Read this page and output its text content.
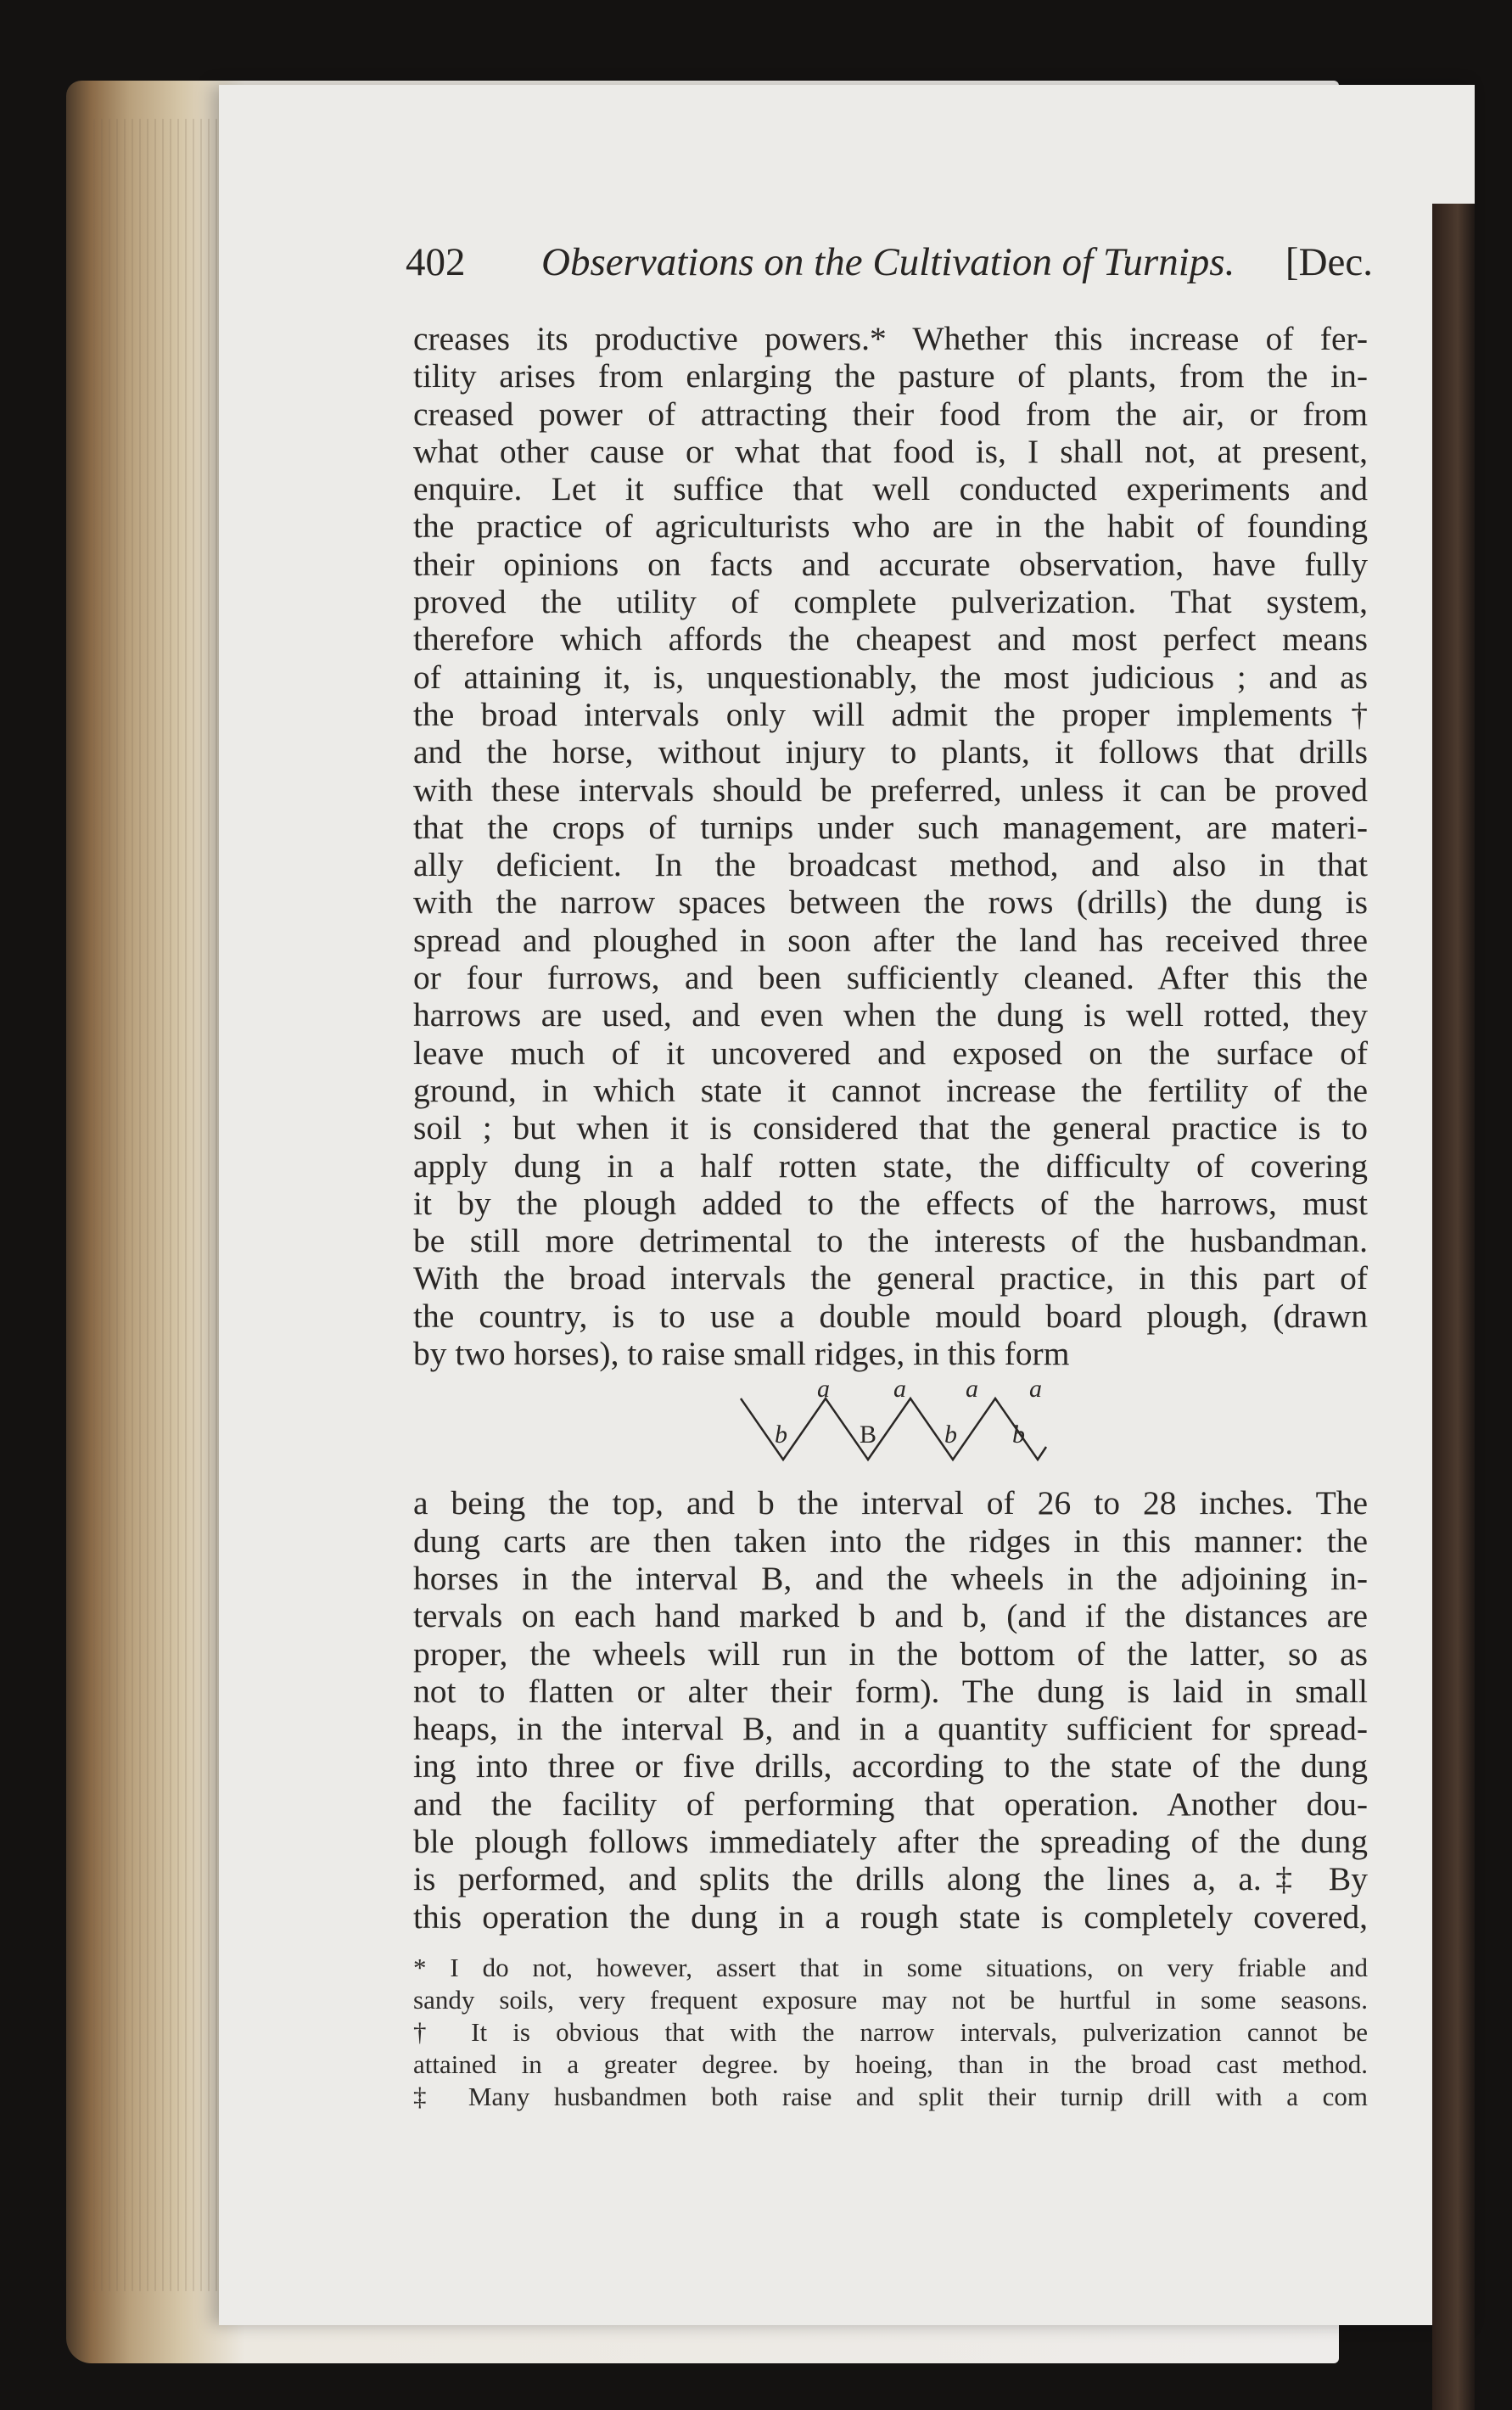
402 Observations on the Cultivation of Turnips. [Dec.
creases its productive powers.* Whether this increase of fer-
tility arises from enlarging the pasture of plants, from the in-
creased power of attracting their food from the air, or from
what other cause or what that food is, I shall not, at present,
enquire. Let it suffice that well conducted experiments and
the practice of agriculturists who are in the habit of founding
their opinions on facts and accurate observation, have fully
proved the utility of complete pulverization. That system,
therefore which affords the cheapest and most perfect means
of attaining it, is, unquestionably, the most judicious ; and as
the broad intervals only will admit the proper implements†
and the horse, without injury to plants, it follows that drills
with these intervals should be preferred, unless it can be proved
that the crops of turnips under such management, are materi-
ally deficient. In the broadcast method, and also in that
with the narrow spaces between the rows (drills) the dung is
spread and ploughed in soon after the land has received three
or four furrows, and been sufficiently cleaned. After this the
harrows are used, and even when the dung is well rotted, they
leave much of it uncovered and exposed on the surface of
ground, in which state it cannot increase the fertility of the
soil ; but when it is considered that the general practice is to
apply dung in a half rotten state, the difficulty of covering
it by the plough added to the effects of the harrows, must
be still more detrimental to the interests of the husbandman.
With the broad intervals the general practice, in this part of
the country, is to use a double mould board plough, (drawn
by two horses), to raise small ridges, in this form
a being the top, and b the interval of 26 to 28 inches. The
dung carts are then taken into the ridges in this manner: the
horses in the interval B, and the wheels in the adjoining in-
tervals on each hand marked b and b, (and if the distances are
proper, the wheels will run in the bottom of the latter, so as
not to flatten or alter their form). The dung is laid in small
heaps, in the interval B, and in a quantity sufficient for spread-
ing into three or five drills, according to the state of the dung
and the facility of performing that operation. Another dou-
ble plough follows immediately after the spreading of the dung
is performed, and splits the drills along the lines a, a.‡ By
this operation the dung in a rough state is completely covered,
a	a a a
b	B	b b
* I do not, however, assert that in some situations, on very friable and
sandy soils, very frequent exposure may not be hurtful in some seasons.
† It is obvious that with the narrow intervals, pulverization cannot be
attained in a greater degree. by hoeing, than in the broad cast method.
‡ Many husbandmen both raise and split their turnip drill with a com
